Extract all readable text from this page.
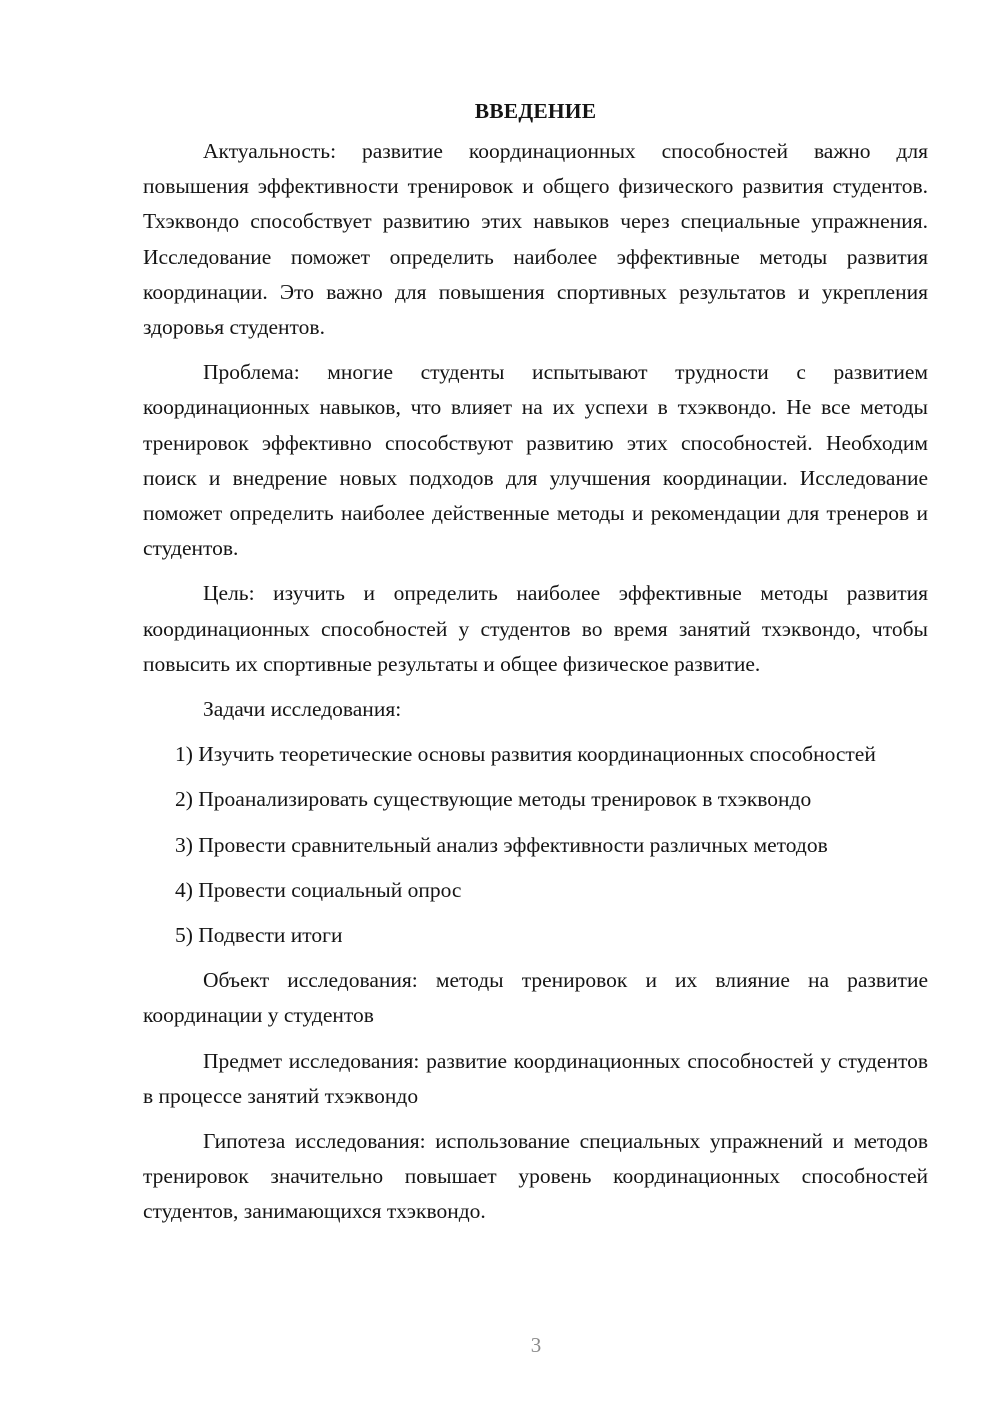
ВВЕДЕНИЕ

Актуальность: развитие координационных способностей важно для повышения эффективности тренировок и общего физического развития студентов. Тхэквондо способствует развитию этих навыков через специальные упражнения. Исследование поможет определить наиболее эффективные методы развития координации. Это важно для повышения спортивных результатов и укрепления здоровья студентов.

Проблема: многие студенты испытывают трудности с развитием координационных навыков, что влияет на их успехи в тхэквондо. Не все методы тренировок эффективно способствуют развитию этих способностей. Необходим поиск и внедрение новых подходов для улучшения координации. Исследование поможет определить наиболее действенные методы и рекомендации для тренеров и студентов.

Цель: изучить и определить наиболее эффективные методы развития координационных способностей у студентов во время занятий тхэквондо, чтобы повысить их спортивные результаты и общее физическое развитие.

Задачи исследования:

1) Изучить теоретические основы развития координационных способностей
2) Проанализировать существующие методы тренировок в тхэквондо
3) Провести сравнительный анализ эффективности различных методов
4) Провести социальный опрос
5) Подвести итоги

Объект исследования: методы тренировок и их влияние на развитие координации у студентов

Предмет исследования: развитие координационных способностей у студентов в процессе занятий тхэквондо

Гипотеза исследования: использование специальных упражнений и методов тренировок значительно повышает уровень координационных способностей студентов, занимающихся тхэквондо.

3
